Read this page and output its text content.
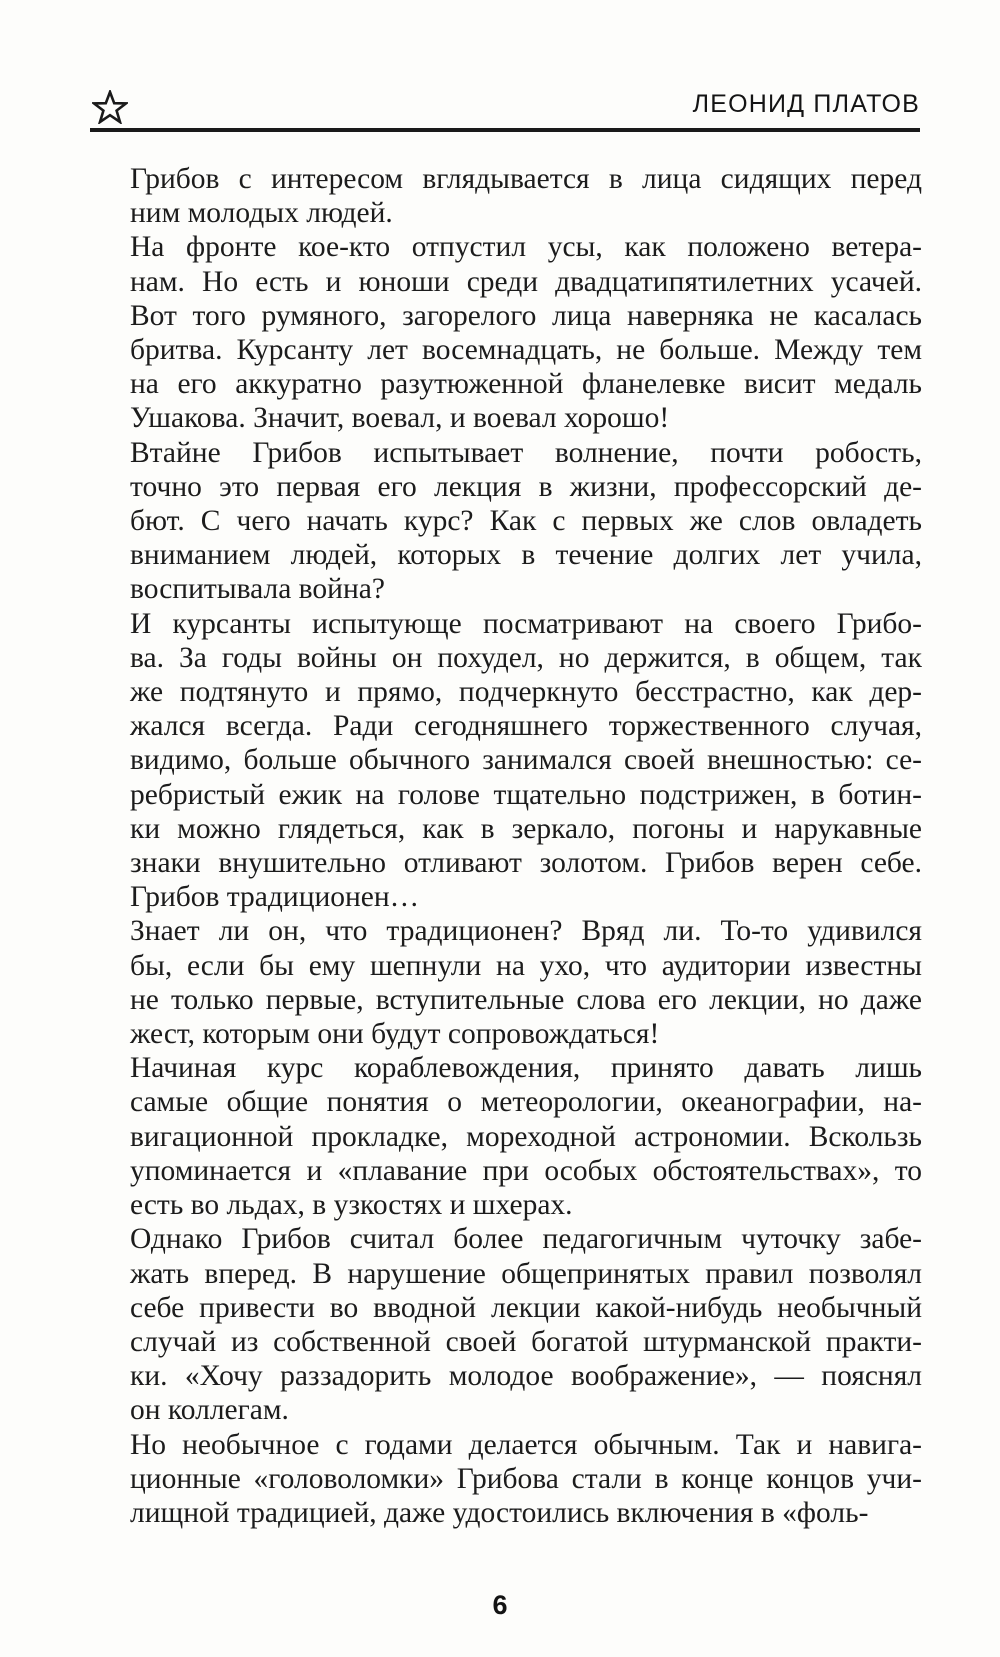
ЛЕОНИД ПЛАТОВ

Грибов с интересом вглядывается в лица сидящих перед
ним молодых людей.

На фронте кое-кто отпустил усы, как положено ветера-
нам. Но есть и юноши среди двадцатипятилетних усачей.
Вот того румяного, загорелого лица наверняка не касалась
бритва. Курсанту лет восемнадцать, не больше. Между тем
на его аккуратно разутюженной фланелевке висит медаль
Ушакова. Значит, воевал, и воевал хорошо!

Втайне Грибов испытывает волнение, почти робость,
точно это первая его лекция в жизни, профессорский де-
бют. С чего начать курс? Как с первых же слов овладеть
вниманием людей, которых в течение долгих лет учила,
воспитывала война?

И курсанты испытующе посматривают на своего Грибо-
ва. За годы войны он похудел, но держится, в общем, так
же подтянуто и прямо, подчеркнуто бесстрастно, как дер-
жался всегда. Ради сегодняшнего торжественного случая,
видимо, больше обычного занимался своей внешностью: се-
ребристый ежик на голове тщательно подстрижен, в ботин-
ки можно глядеться, как в зеркало, погоны и нарукавные
знаки внушительно отливают золотом. Грибов верен себе.
Грибов традиционен…

Знает ли он, что традиционен? Вряд ли. То-то удивился
бы, если бы ему шепнули на ухо, что аудитории известны
не только первые, вступительные слова его лекции, но даже
жест, которым они будут сопровождаться!

Начиная курс кораблевождения, принято давать лишь
самые общие понятия о метеорологии, океанографии, на-
вигационной прокладке, мореходной астрономии. Вскользь
упоминается и «плавание при особых обстоятельствах», то
есть во льдах, в узкостях и шхерах.

Однако Грибов считал более педагогичным чуточку забе-
жать вперед. В нарушение общепринятых правил позволял
себе привести во вводной лекции какой-нибудь необычный
случай из собственной своей богатой штурманской практи-
ки. «Хочу раззадорить молодое воображение», — пояснял
он коллегам.

Но необычное с годами делается обычным. Так и навига-
ционные «головоломки» Грибова стали в конце концов учи-
лищной традицией, даже удостоились включения в «фоль-

6
